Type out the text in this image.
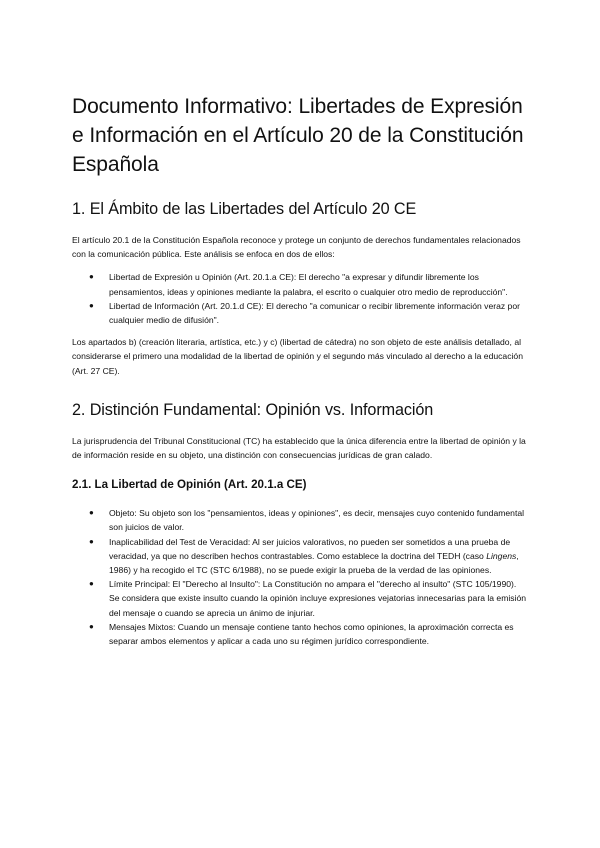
Documento Informativo: Libertades de Expresión e Información en el Artículo 20 de la Constitución Española
1. El Ámbito de las Libertades del Artículo 20 CE

El artículo 20.1 de la Constitución Española reconoce y protege un conjunto de derechos fundamentales relacionados con la comunicación pública. Este análisis se enfoca en dos de ellos:

● Libertad de Expresión u Opinión (Art. 20.1.a CE): El derecho "a expresar y difundir libremente los pensamientos, ideas y opiniones mediante la palabra, el escrito o cualquier otro medio de reproducción".
● Libertad de Información (Art. 20.1.d CE): El derecho "a comunicar o recibir libremente información veraz por cualquier medio de difusión".

Los apartados b) (creación literaria, artística, etc.) y c) (libertad de cátedra) no son objeto de este análisis detallado, al considerarse el primero una modalidad de la libertad de opinión y el segundo más vinculado al derecho a la educación (Art. 27 CE).

2. Distinción Fundamental: Opinión vs. Información

La jurisprudencia del Tribunal Constitucional (TC) ha establecido que la única diferencia entre la libertad de opinión y la de información reside en su objeto, una distinción con consecuencias jurídicas de gran calado.

2.1. La Libertad de Opinión (Art. 20.1.a CE)
● Objeto: Su objeto son los "pensamientos, ideas y opiniones", es decir, mensajes cuyo contenido fundamental son juicios de valor.
● Inaplicabilidad del Test de Veracidad: Al ser juicios valorativos, no pueden ser sometidos a una prueba de veracidad, ya que no describen hechos contrastables. Como establece la doctrina del TEDH (caso Lingens, 1986) y ha recogido el TC (STC 6/1988), no se puede exigir la prueba de la verdad de las opiniones.
● Límite Principal: El "Derecho al Insulto": La Constitución no ampara el "derecho al insulto" (STC 105/1990). Se considera que existe insulto cuando la opinión incluye expresiones vejatorias innecesarias para la emisión del mensaje o cuando se aprecia un ánimo de injuriar.
● Mensajes Mixtos: Cuando un mensaje contiene tanto hechos como opiniones, la aproximación correcta es separar ambos elementos y aplicar a cada uno su régimen jurídico correspondiente.
